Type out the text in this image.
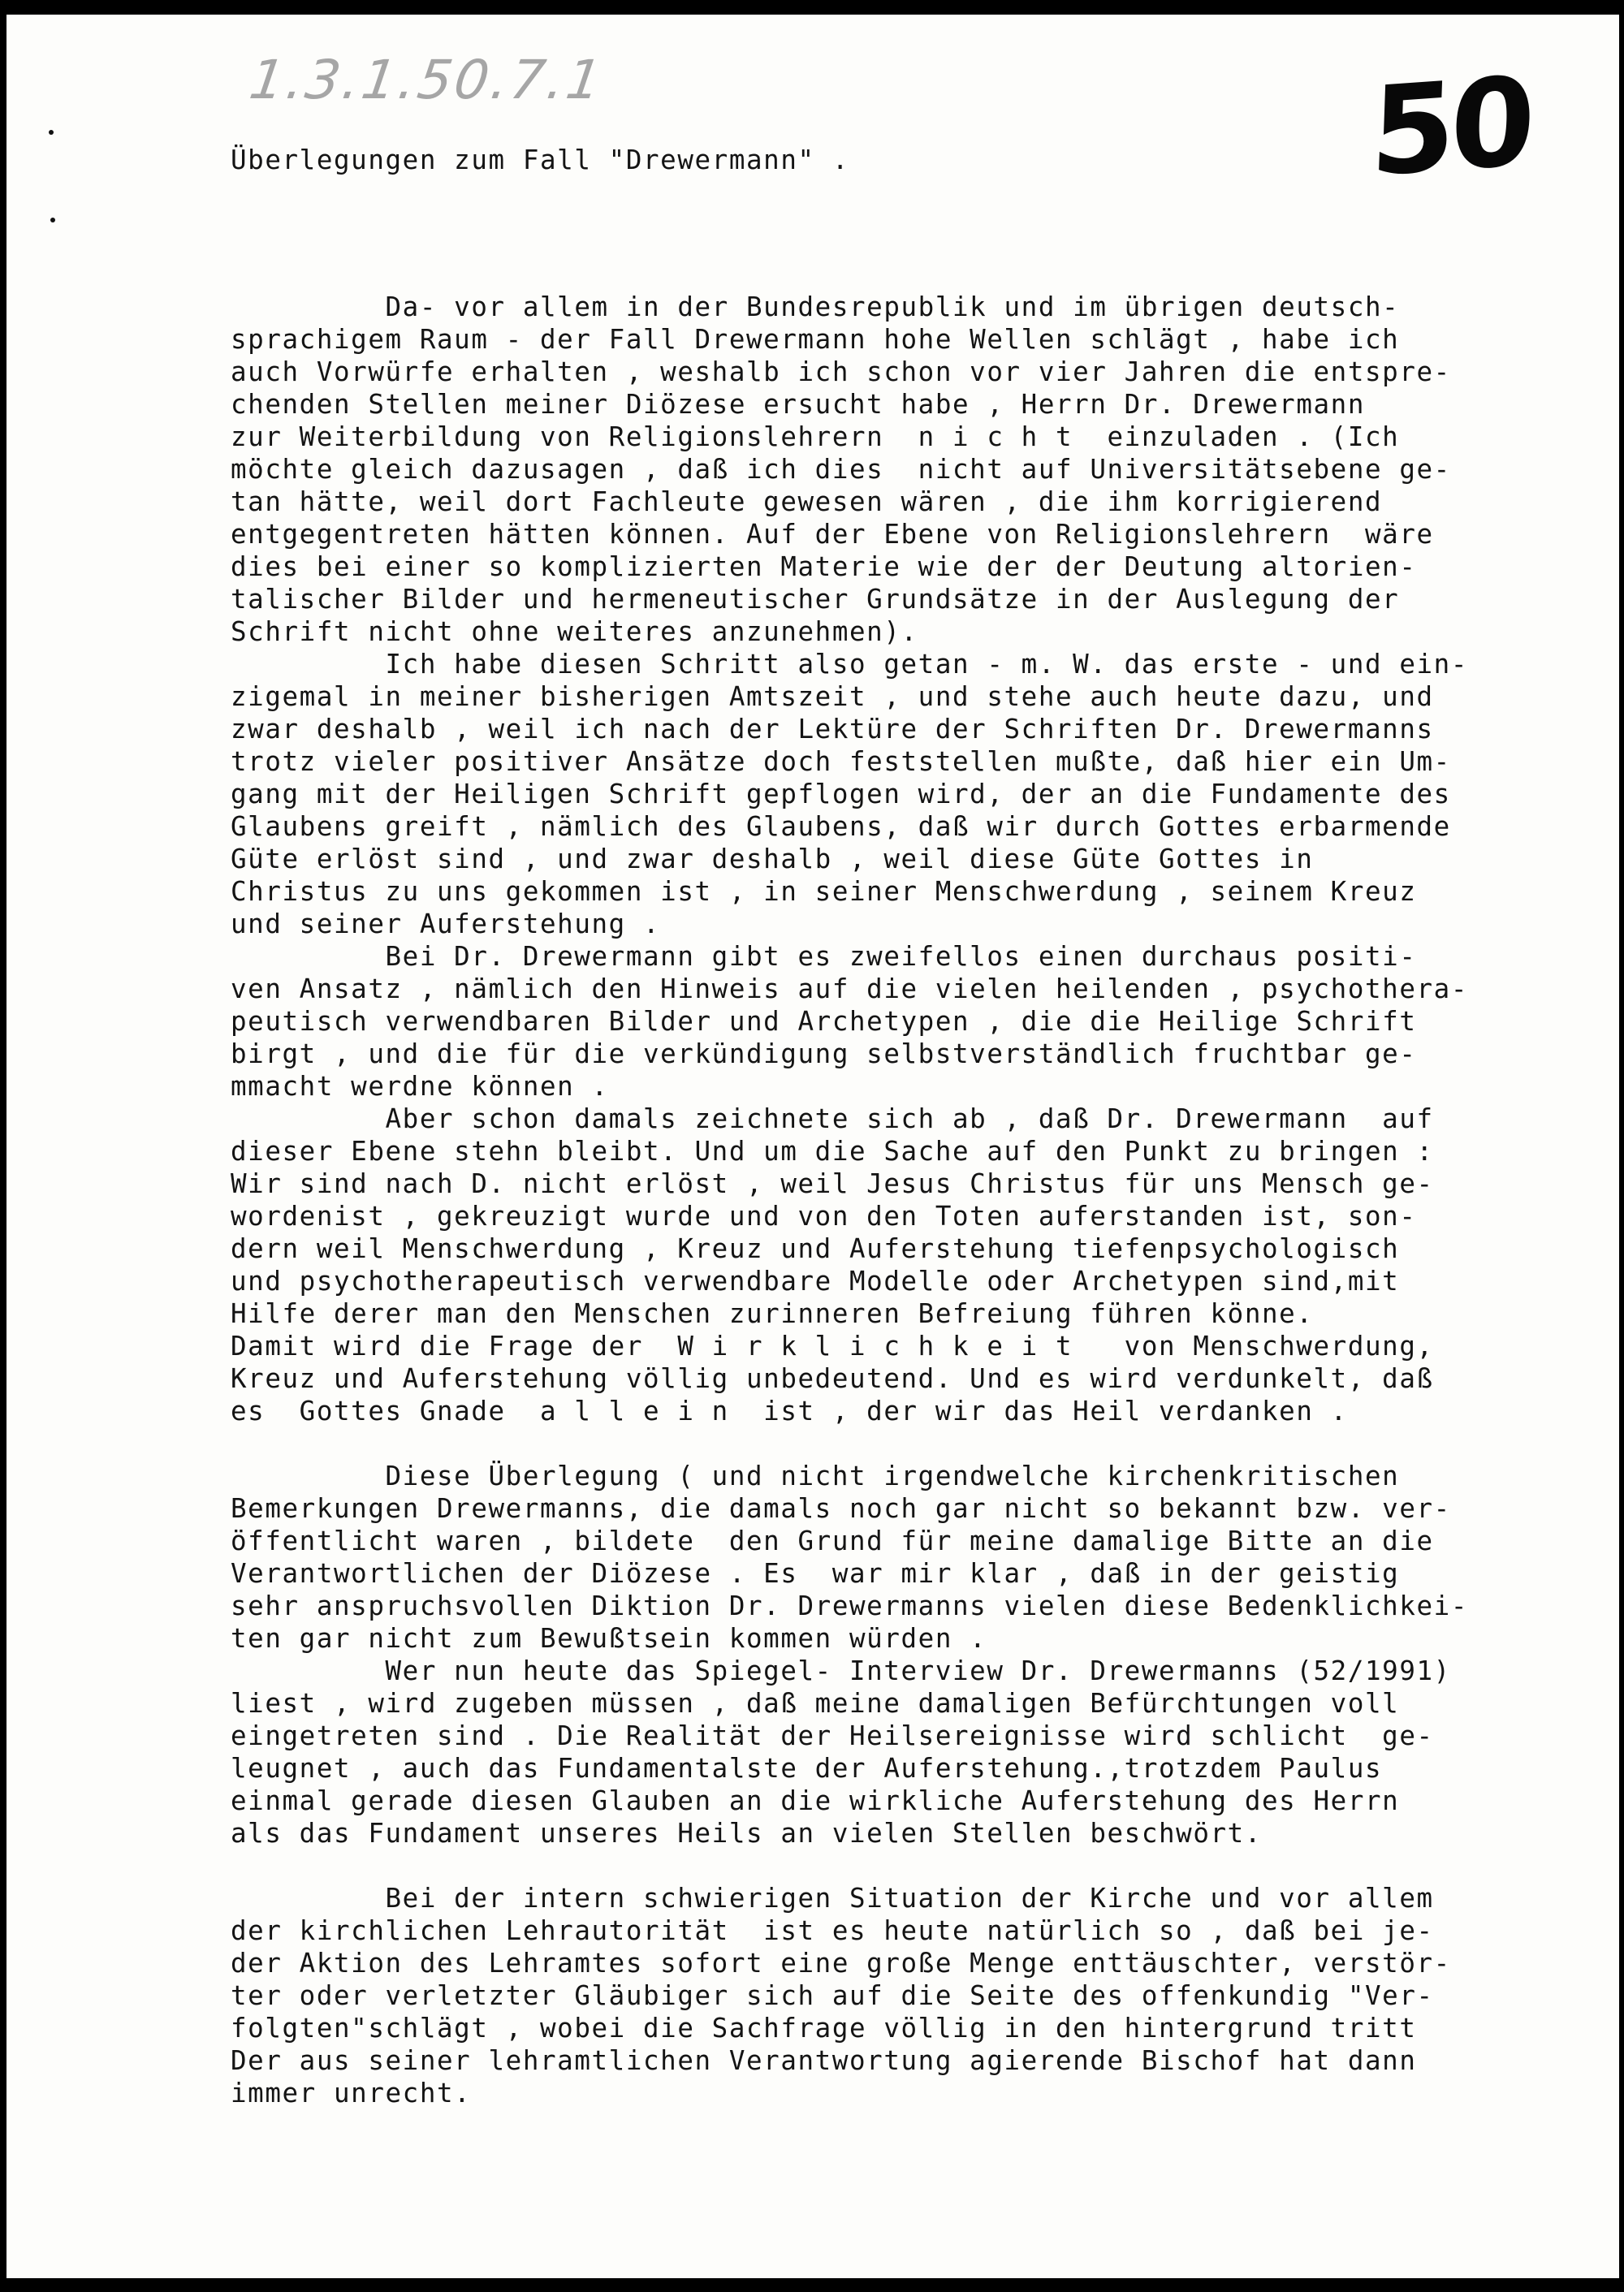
1.3.1.50.7.1	50
Überlegungen zum Fall "Drewermann" .
Da- vor allem in der Bundesrepublik und im übrigen deutsch-
sprachigem Raum - der Fall Drewermann hohe Wellen schlägt , habe ich
auch Vorwürfe erhalten , weshalb ich schon vor vier Jahren die entspre-
chenden Stellen meiner Diözese ersucht habe , Herrn Dr. Drewermann
zur Weiterbildung von Religionslehrern  n i c h t  einzuladen . (Ich
möchte gleich dazusagen , daß ich dies  nicht auf Universitätsebene ge-
tan hätte, weil dort Fachleute gewesen wären , die ihm korrigierend
entgegentreten hätten können. Auf der Ebene von Religionslehrern  wäre
dies bei einer so komplizierten Materie wie der der Deutung altorien-
talischer Bilder und hermeneutischer Grundsätze in der Auslegung der
Schrift nicht ohne weiteres anzunehmen).
Ich habe diesen Schritt also getan - m. W. das erste - und ein-
zigemal in meiner bisherigen Amtszeit , und stehe auch heute dazu, und
zwar deshalb , weil ich nach der Lektüre der Schriften Dr. Drewermanns
trotz vieler positiver Ansätze doch feststellen mußte, daß hier ein Um-
gang mit der Heiligen Schrift gepflogen wird, der an die Fundamente des
Glaubens greift , nämlich des Glaubens, daß wir durch Gottes erbarmende
Güte erlöst sind , und zwar deshalb , weil diese Güte Gottes in
Christus zu uns gekommen ist , in seiner Menschwerdung , seinem Kreuz
und seiner Auferstehung .
Bei Dr. Drewermann gibt es zweifellos einen durchaus positi-
ven Ansatz , nämlich den Hinweis auf die vielen heilenden , psychothera-
peutisch verwendbaren Bilder und Archetypen , die die Heilige Schrift
birgt , und die für die verkündigung selbstverständlich fruchtbar ge-
mmacht werdne können .
Aber schon damals zeichnete sich ab , daß Dr. Drewermann  auf
dieser Ebene stehn bleibt. Und um die Sache auf den Punkt zu bringen :
Wir sind nach D. nicht erlöst , weil Jesus Christus für uns Mensch ge-
wordenist , gekreuzigt wurde und von den Toten auferstanden ist, son-
dern weil Menschwerdung , Kreuz und Auferstehung tiefenpsychologisch
und psychotherapeutisch verwendbare Modelle oder Archetypen sind,mit
Hilfe derer man den Menschen zurinneren Befreiung führen könne.
Damit wird die Frage der  W i r k l i c h k e i t   von Menschwerdung,
Kreuz und Auferstehung völlig unbedeutend. Und es wird verdunkelt, daß
es  Gottes Gnade  a l l e i n  ist , der wir das Heil verdanken .
Diese Überlegung ( und nicht irgendwelche kirchenkritischen
Bemerkungen Drewermanns, die damals noch gar nicht so bekannt bzw. ver-
öffentlicht waren , bildete  den Grund für meine damalige Bitte an die
Verantwortlichen der Diözese . Es  war mir klar , daß in der geistig
sehr anspruchsvollen Diktion Dr. Drewermanns vielen diese Bedenklichkei-
ten gar nicht zum Bewußtsein kommen würden .
Wer nun heute das Spiegel- Interview Dr. Drewermanns (52/1991)
liest , wird zugeben müssen , daß meine damaligen Befürchtungen voll
eingetreten sind . Die Realität der Heilsereignisse wird schlicht  ge-
leugnet , auch das Fundamentalste der Auferstehung.,trotzdem Paulus
einmal gerade diesen Glauben an die wirkliche Auferstehung des Herrn
als das Fundament unseres Heils an vielen Stellen beschwört.
Bei der intern schwierigen Situation der Kirche und vor allem
der kirchlichen Lehrautorität  ist es heute natürlich so , daß bei je-
der Aktion des Lehramtes sofort eine große Menge enttäuschter, verstör-
ter oder verletzter Gläubiger sich auf die Seite des offenkundig "Ver-
folgten"schlägt , wobei die Sachfrage völlig in den hintergrund tritt
Der aus seiner lehramtlichen Verantwortung agierende Bischof hat dann
immer unrecht.
